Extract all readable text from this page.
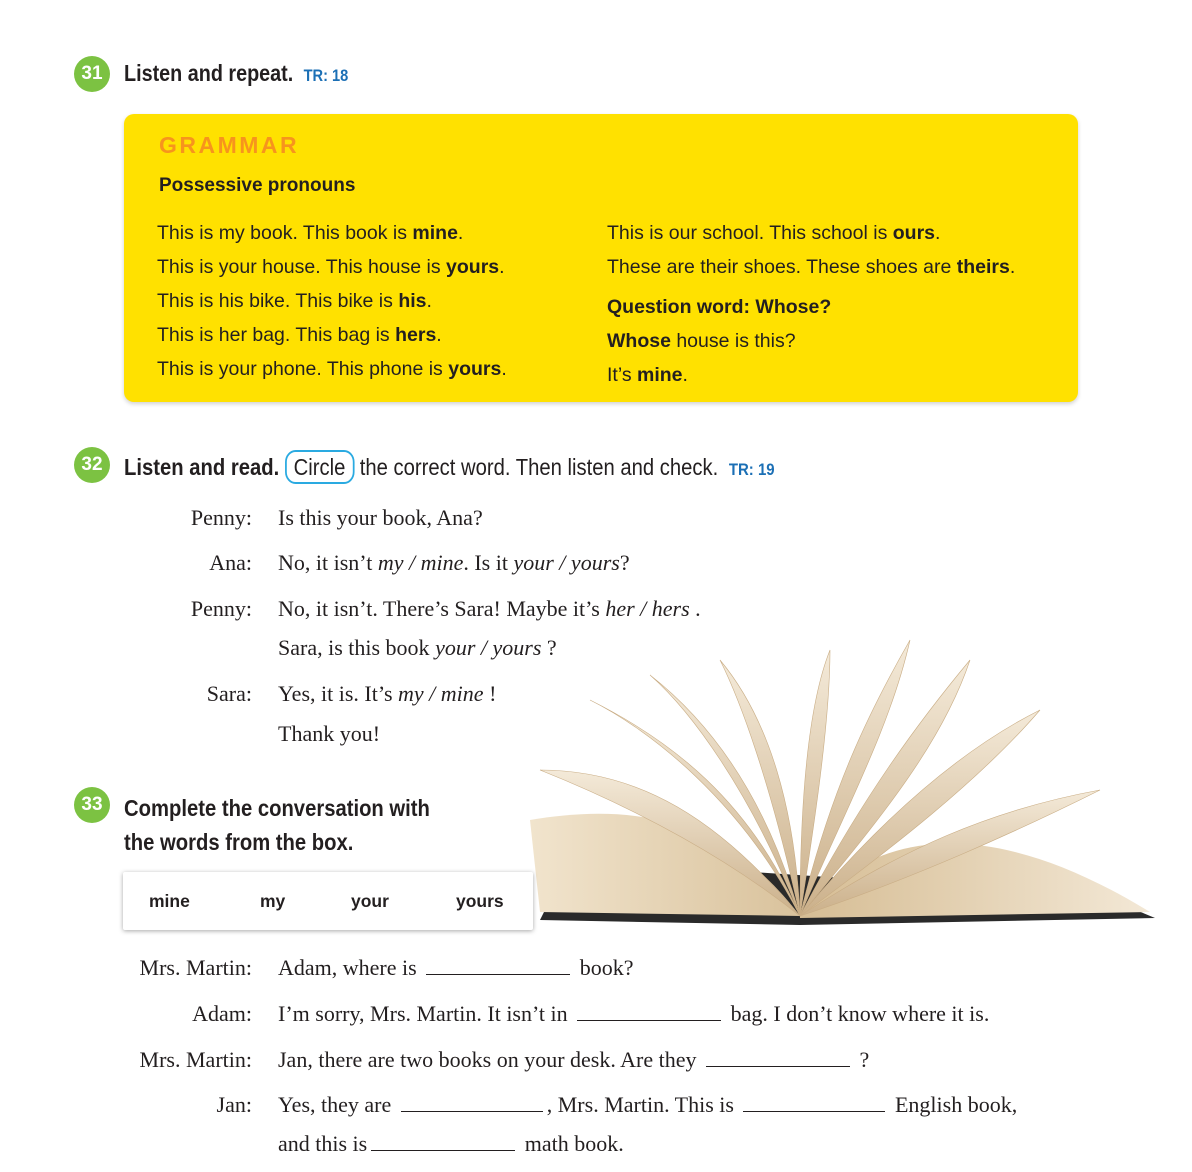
31 Listen and repeat. TR: 18
GRAMMAR
Possessive pronouns
This is my book. This book is mine.
This is your house. This house is yours.
This is his bike. This bike is his.
This is her bag. This bag is hers.
This is your phone. This phone is yours.
This is our school. This school is ours.
These are their shoes. These shoes are theirs.
Question word: Whose?
Whose house is this?
It’s mine.
32 Listen and read. Circle the correct word. Then listen and check. TR: 19
Penny: Is this your book, Ana?
Ana: No, it isn’t my / mine. Is it your / yours?
Penny: No, it isn’t. There’s Sara! Maybe it’s her / hers .
Sara, is this book your / yours ?
Sara: Yes, it is. It’s my / mine !
Thank you!
33 Complete the conversation with
the words from the box.
mine	my	your	yours
Mrs. Martin: Adam, where is	book?
Adam: I’m sorry, Mrs. Martin. It isn’t in	bag. I don’t know where it is.
Mrs. Martin: Jan, there are two books on your desk. Are they	?
Jan: Yes, they are	, Mrs. Martin. This is	English book,
and this is	math book.
